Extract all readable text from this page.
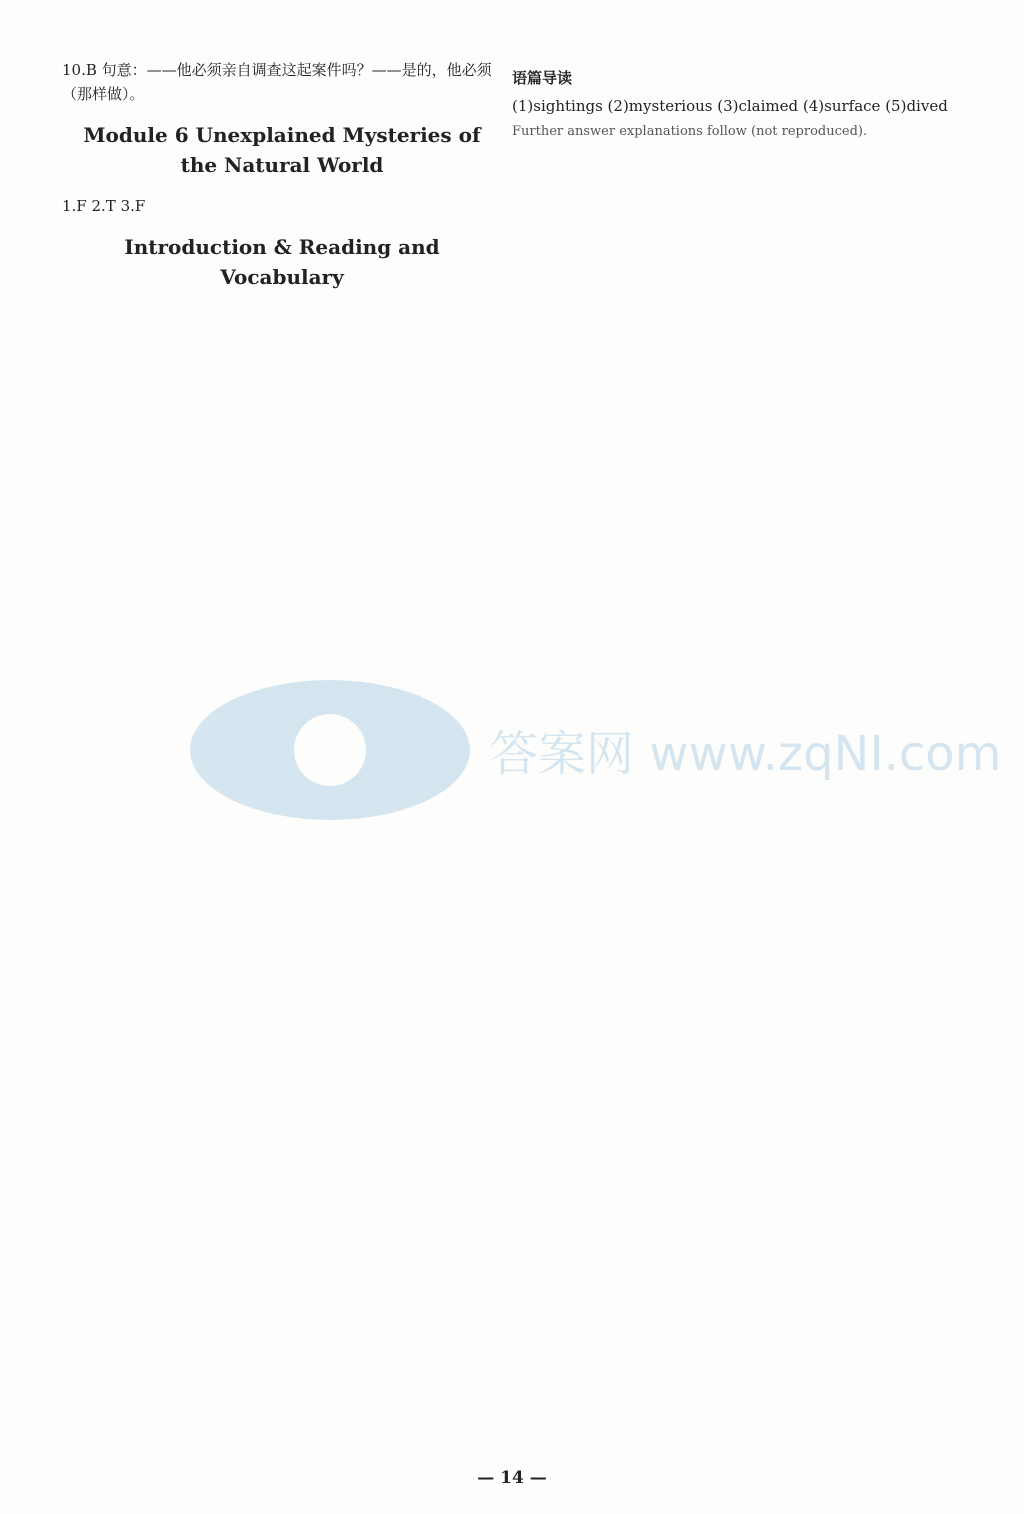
10.B 句意：——他必须亲自调查这起案件吗？——是的，他必须（那样做）。

Module 6 Unexplained Mysteries of the Natural World

1.F 2.T 3.F

Introduction & Reading and Vocabulary

语篇导读

(1)sightings (2)mysterious (3)claimed (4)surface (5)dived

Further answer explanations follow (not reproduced).

答案网 www.zqNI.com
— 14 —
